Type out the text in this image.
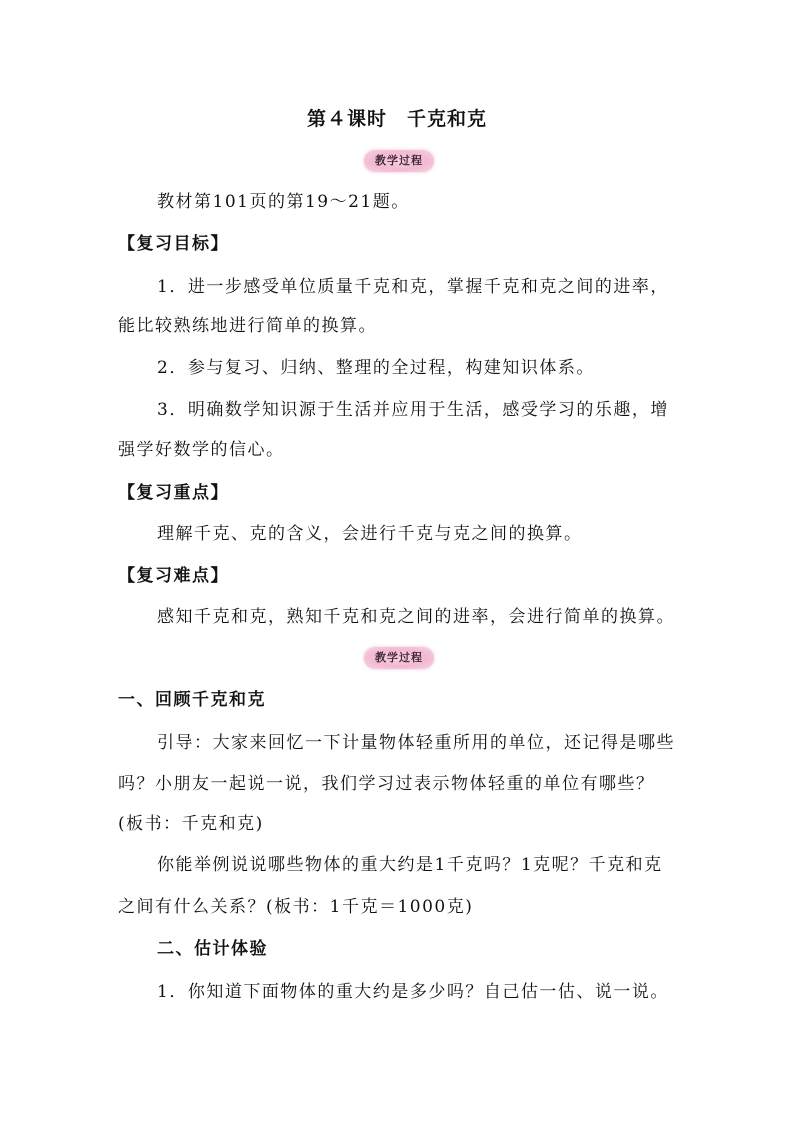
第４课时　千克和克
教学过程
教材第101页的第19～21题。
【复习目标】
1．进一步感受单位质量千克和克，掌握千克和克之间的进率，
能比较熟练地进行简单的换算。
2．参与复习、归纳、整理的全过程，构建知识体系。
3．明确数学知识源于生活并应用于生活，感受学习的乐趣，增
强学好数学的信心。
【复习重点】
理解千克、克的含义，会进行千克与克之间的换算。
【复习难点】
感知千克和克，熟知千克和克之间的进率，会进行简单的换算。
教学过程
一、回顾千克和克
引导：大家来回忆一下计量物体轻重所用的单位，还记得是哪些
吗？小朋友一起说一说，我们学习过表示物体轻重的单位有哪些？
(板书：千克和克)
你能举例说说哪些物体的重大约是1千克吗？1克呢？千克和克
之间有什么关系？(板书：1千克＝1000克)
二、估计体验
1．你知道下面物体的重大约是多少吗？自己估一估、说一说。
